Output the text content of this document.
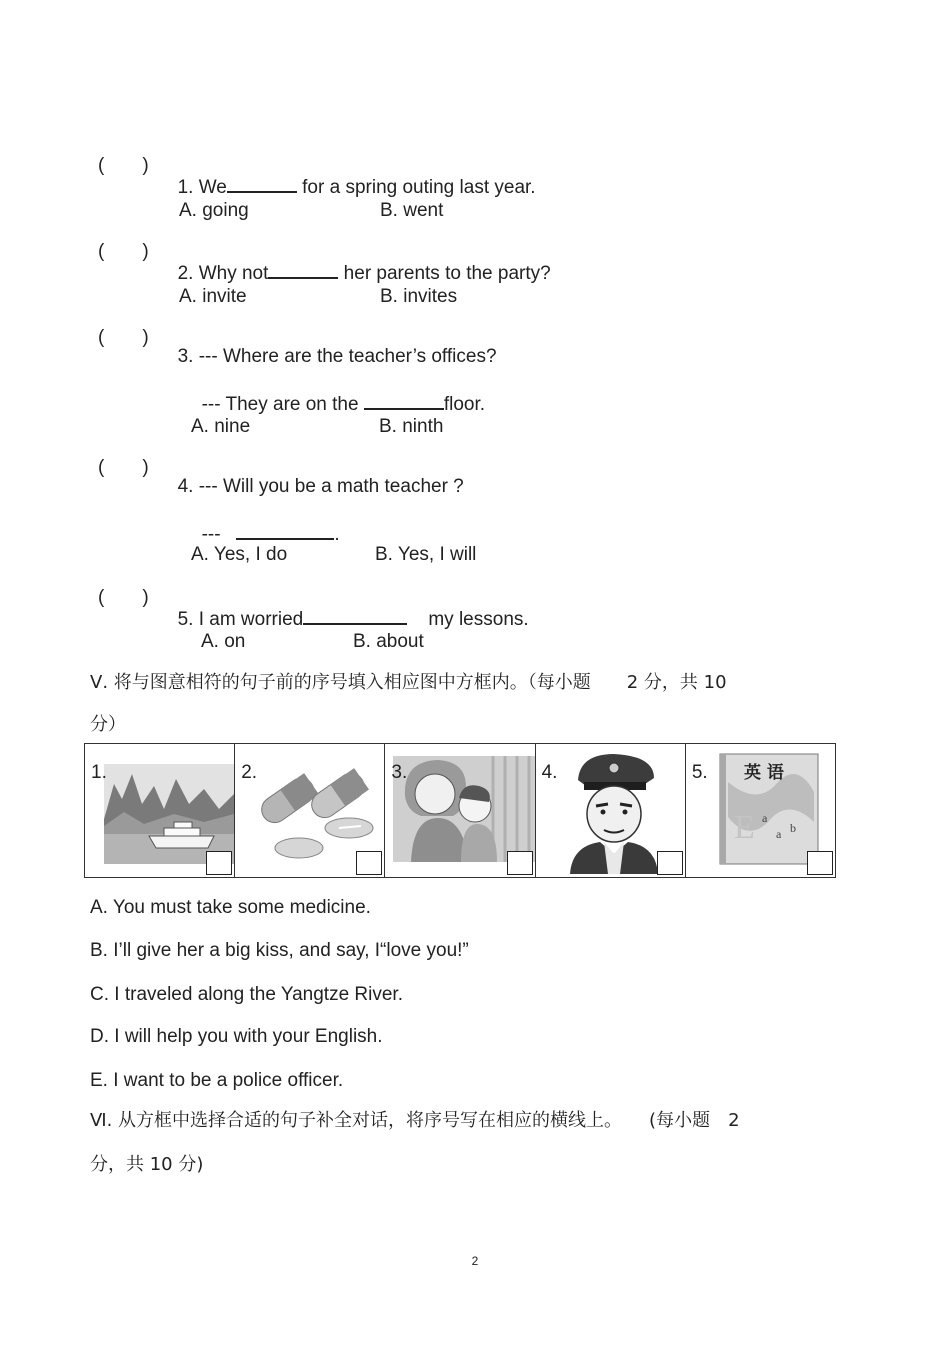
(　　)

1. We	for a spring outing last year.

A. going	B. went
(　　)

2. Why not	her parents to the party?

A. invite	B. invites
(　　)

3. --- Where are the teacher’s offices?

--- They are on the	floor.

A. nine	B. ninth
(　　)

4. --- Will you be a math teacher ?

---	.

A. Yes, I do	B. Yes, I will
(　　)

5. I am worried	my lessons.

A. on	B. about
Ⅴ. 将与图意相符的句子前的序号填入相应图中方框内。（每小题　　2 分，共 10
分）
1.	2.	3.	4.
E a
a b
英 语
5.
A. You must take some medicine.
B. I’ll give her a big kiss, and say, I“love you!”
C. I traveled along the Yangtze River.
D. I will help you with your English.
E. I want to be a police officer.
Ⅵ. 从方框中选择合适的句子补全对话，将序号写在相应的横线上。　　(每小题　2
分，共 10 分)
2
